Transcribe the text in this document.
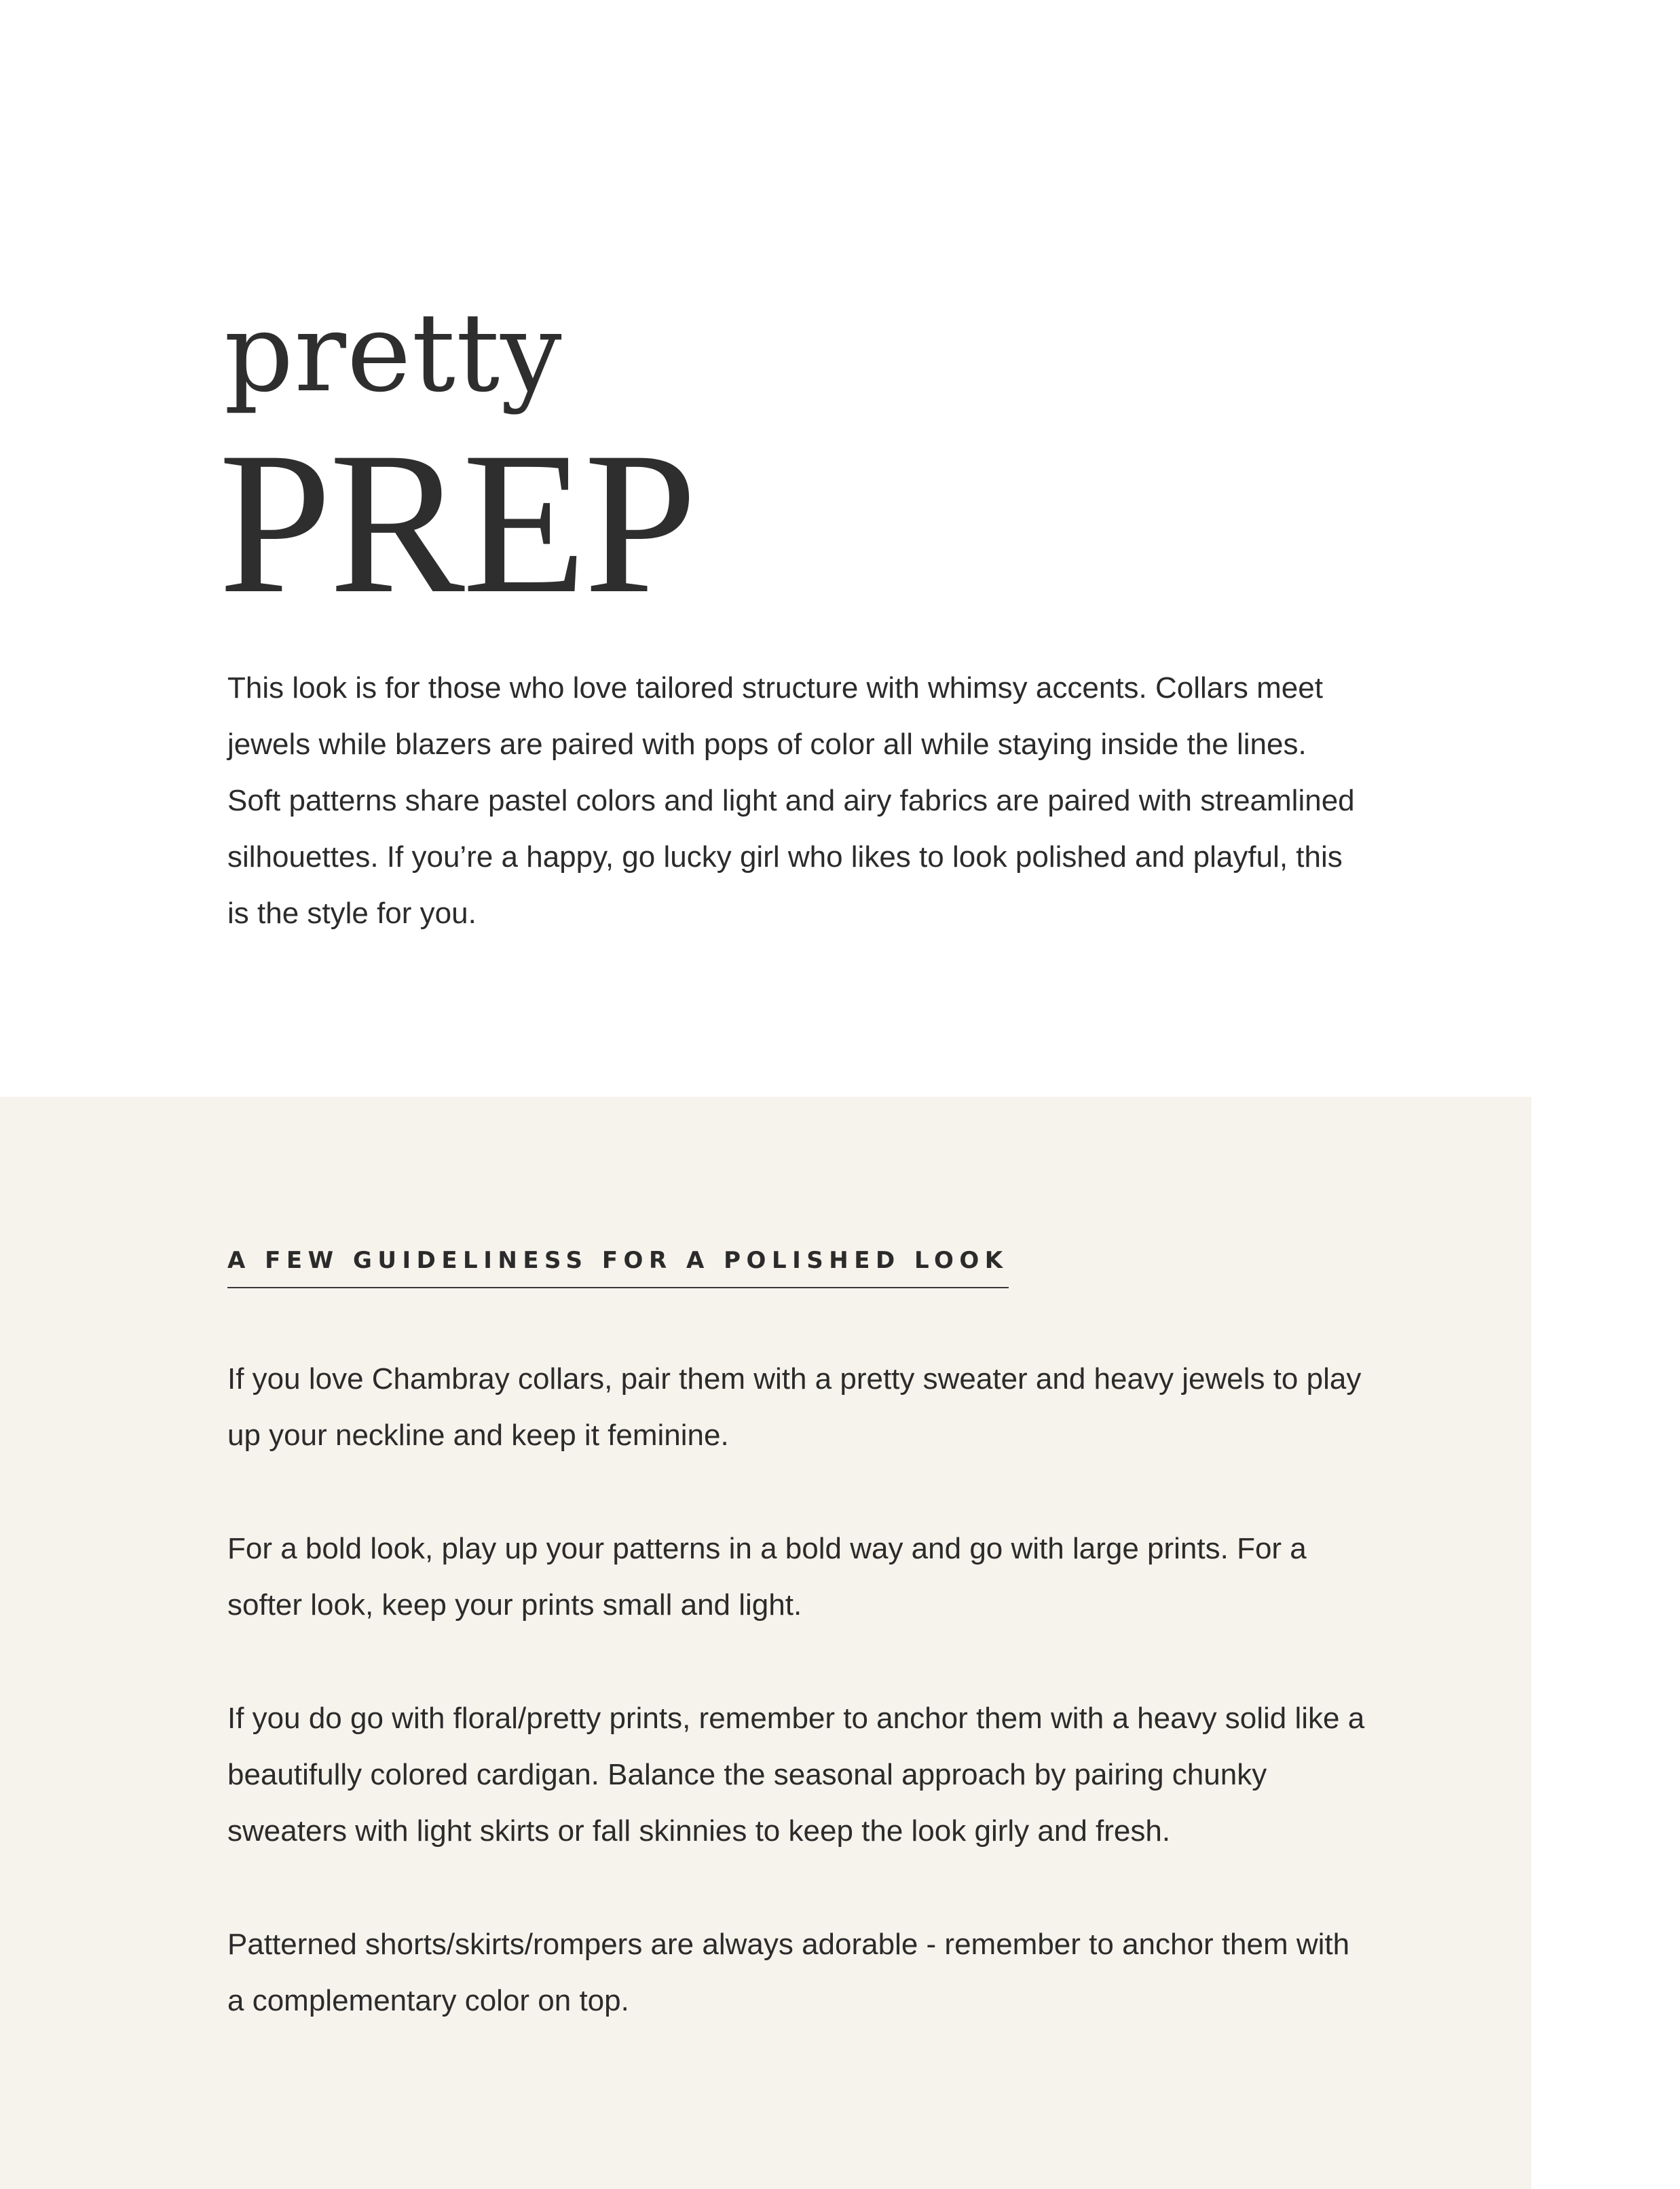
pretty
PREP

This look is for those who love tailored structure with whimsy accents. Collars meet jewels while blazers are paired with pops of color all while staying inside the lines. Soft patterns share pastel colors and light and airy fabrics are paired with streamlined silhouettes. If you’re a happy, go lucky girl who likes to look polished and playful, this is the style for you.

A FEW GUIDELINESS FOR A POLISHED LOOK
If you love Chambray collars, pair them with a pretty sweater and heavy jewels to play up your neckline and keep it feminine.
For a bold look, play up your patterns in a bold way and go with large prints. For a softer look, keep your prints small and light.
If you do go with floral/pretty prints, remember to anchor them with a heavy solid like a beautifully colored cardigan. Balance the seasonal approach by pairing chunky sweaters with light skirts or fall skinnies to keep the look girly and fresh.
Patterned shorts/skirts/rompers are always adorable - remember to anchor them with a complementary color on top.
